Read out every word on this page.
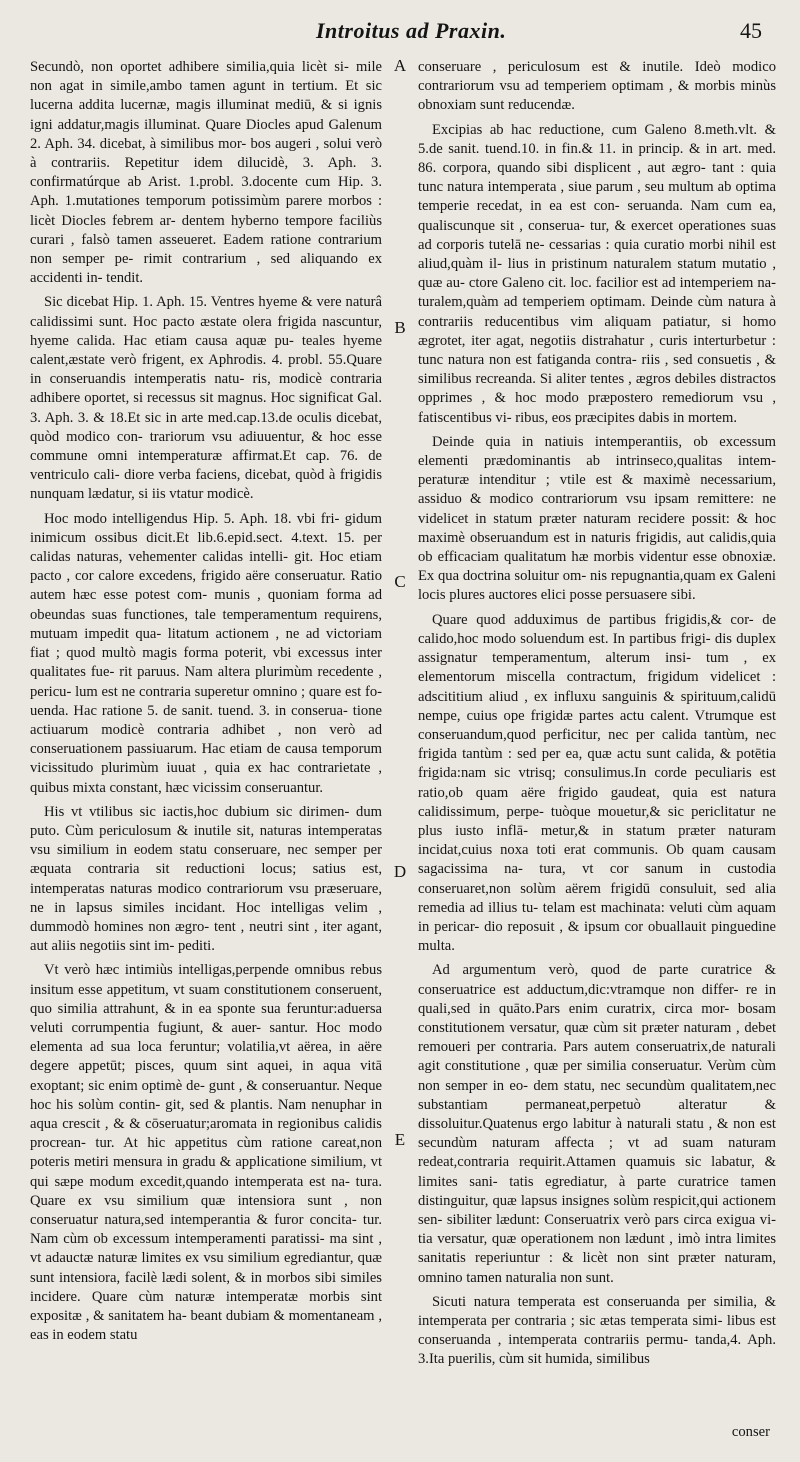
Introitus ad Praxin.	45

Secundò, non oportet adhibere similia,quia licèt si- mile non agat in simile,ambo tamen agunt in tertium. Et sic lucerna addita lucernæ, magis illuminat mediū, & si ignis igni addatur,magis illuminat. Quare Diocles apud Galenum 2. Aph. 34. dicebat, à similibus mor- bos augeri , solui verò à contrariis. Repetitur idem dilucidè, 3. Aph. 3. confirmatúrque ab Arist. 1.probl. 3.docente cum Hip. 3. Aph. 1.mutationes temporum potissimùm parere morbos : licèt Diocles febrem ar- dentem hyberno tempore faciliùs curari , falsò tamen asseueret. Eadem ratione contrarium non semper pe- rimit contrarium , sed aliquando ex accidenti in- tendit.

Sic dicebat Hip. 1. Aph. 15. Ventres hyeme & vere naturâ calidissimi sunt. Hoc pacto æstate olera frigida nascuntur, hyeme calida. Hac etiam causa aquæ pu- teales hyeme calent,æstate verò frigent, ex Aphrodis. 4. probl. 55.Quare in conseruandis intemperatis natu- ris, modicè contraria adhibere oportet, si recessus sit magnus. Hoc significat Gal. 3. Aph. 3. & 18.Et sic in arte med.cap.13.de oculis dicebat, quòd modico con- trariorum vsu adiuuentur, & hoc esse commune omni intemperaturæ affirmat.Et cap. 76. de ventriculo cali- diore verba faciens, dicebat, quòd à frigidis nunquam lædatur, si iis vtatur modicè.

Hoc modo intelligendus Hip. 5. Aph. 18. vbi fri- gidum inimicum ossibus dicit.Et lib.6.epid.sect. 4.text. 15. per calidas naturas, vehementer calidas intelli- git. Hoc etiam pacto , cor calore excedens, frigido aëre conseruatur. Ratio autem hæc esse potest com- munis , quoniam forma ad obeundas suas functiones, tale temperamentum requirens, mutuam impedit qua- litatum actionem , ne ad victoriam fiat ; quod multò magis forma poterit, vbi excessus inter qualitates fue- rit paruus. Nam altera plurimùm recedente , pericu- lum est ne contraria superetur omnino ; quare est fo- uenda. Hac ratione 5. de sanit. tuend. 3. in conserua- tione actiuarum modicè contraria adhibet , non verò ad conseruationem passiuarum. Hac etiam de causa temporum vicissitudo plurimùm iuuat , quia ex hac contrarietate , quibus mixta constant, hæc vicissim conseruantur.

His vt vtilibus sic iactis,hoc dubium sic dirimen- dum puto. Cùm periculosum & inutile sit, naturas intemperatas vsu similium in eodem statu conseruare, nec semper per æquata contraria sit reductioni locus; satius est, intemperatas naturas modico contrariorum vsu præseruare, ne in lapsus similes incidant. Hoc intelligas velim , dummodò homines non ægro- tent , neutri sint , iter agant, aut aliis negotiis sint im- pediti.

Vt verò hæc intimiùs intelligas,perpende omnibus rebus insitum esse appetitum, vt suam constitutionem conseruent, quo similia attrahunt, & in ea sponte sua feruntur:aduersa veluti corrumpentia fugiunt, & auer- santur. Hoc modo elementa ad sua loca feruntur; volatilia,vt aërea, in aëre degere appetūt; pisces, quum sint aquei, in aqua vitā exoptant; sic enim optimè de- gunt , & conseruantur. Neque hoc his solùm contin- git, sed & plantis. Nam nenuphar in aqua crescit , & & cōseruatur;aromata in regionibus calidis procrean- tur. At hic appetitus cùm ratione careat,non poteris metiri mensura in gradu & applicatione similium, vt qui sæpe modum excedit,quando intemperata est na- tura. Quare ex vsu similium quæ intensiora sunt , non conseruatur natura,sed intemperantia & furor concita- tur. Nam cùm ob excessum intemperamenti paratissi- ma sint , vt adauctæ naturæ limites ex vsu similium egrediantur, quæ sunt intensiora, facilè lædi solent, & in morbos sibi similes incidere. Quare cùm naturæ intemperatæ morbis sint expositæ , & sanitatem ha- beant dubiam & momentaneam , eas in eodem statu

A
B
C
D
E

conseruare , periculosum est & inutile. Ideò modico contrariorum vsu ad temperiem optimam , & morbis minùs obnoxiam sunt reducendæ.

Excipias ab hac reductione, cum Galeno 8.meth.vlt. & 5.de sanit. tuend.10. in fin.& 11. in princip. & in art. med. 86. corpora, quando sibi displicent , aut ægro- tant : quia tunc natura intemperata , siue parum , seu multum ab optima temperie recedat, in ea est con- seruanda. Nam cum ea, qualiscunque sit , conserua- tur, & exercet operationes suas ad corporis tutelā ne- cessarias : quia curatio morbi nihil est aliud,quàm il- lius in pristinum naturalem statum mutatio , quæ au- ctore Galeno cit. loc. facilior est ad intemperiem na- turalem,quàm ad temperiem optimam. Deinde cùm natura à contrariis reducentibus vim aliquam patiatur, si homo ægrotet, iter agat, negotiis distrahatur , curis interturbetur : tunc natura non est fatiganda contra- riis , sed consuetis , & similibus recreanda. Si aliter tentes , ægros debiles distractos opprimes , & hoc modo præpostero remediorum vsu , fatiscentibus vi- ribus, eos præcipites dabis in mortem.

Deinde quia in natiuis intemperantiis, ob excessum elementi prædominantis ab intrinseco,qualitas intem- peraturæ intenditur ; vtile est & maximè necessarium, assiduo & modico contrariorum vsu ipsam remittere: ne videlicet in statum præter naturam recidere possit: & hoc maximè obseruandum est in naturis frigidis, aut calidis,quia ob efficaciam qualitatum hæ morbis videntur esse obnoxiæ. Ex qua doctrina soluitur om- nis repugnantia,quam ex Galeni locis plures auctores elici posse persuasere sibi.

Quare quod adduximus de partibus frigidis,& cor- de calido,hoc modo soluendum est. In partibus frigi- dis duplex assignatur temperamentum, alterum insi- tum , ex elementorum miscella contractum, frigidum videlicet : adscititium aliud , ex influxu sanguinis & spirituum,calidū nempe, cuius ope frigidæ partes actu calent. Vtrumque est conseruandum,quod perficitur, nec per calida tantùm, nec frigida tantùm : sed per ea, quæ actu sunt calida, & potētia frigida:nam sic vtrisq; consulimus.In corde peculiaris est ratio,ob quam aëre frigido gaudeat, quia est natura calidissimum, perpe- tuòque mouetur,& sic periclitatur ne plus iusto inflā- metur,& in statum præter naturam incidat,cuius noxa toti erat communis. Ob quam causam sagacissima na- tura, vt cor sanum in custodia conseruaret,non solùm aërem frigidū consuluit, sed alia remedia ad illius tu- telam est machinata: veluti cùm aquam in pericar- dio reposuit , & ipsum cor obuallauit pinguedine multa.

Ad argumentum verò, quod de parte curatrice & conseruatrice est adductum,dic:vtramque non differ- re in quali,sed in quāto.Pars enim curatrix, circa mor- bosam constitutionem versatur, quæ cùm sit præter naturam , debet remoueri per contraria. Pars autem conseruatrix,de naturali agit constitutione , quæ per similia conseruatur. Verùm cùm non semper in eo- dem statu, nec secundùm qualitatem,nec substantiam permaneat,perpetuò alteratur & dissoluitur.Quatenus ergo labitur à naturali statu , & non est secundùm naturam affecta ; vt ad suam naturam redeat,contraria requirit.Attamen quamuis sic labatur, & limites sani- tatis egrediatur, à parte curatrice tamen distinguitur, quæ lapsus insignes solùm respicit,qui actionem sen- sibiliter lædunt: Conseruatrix verò pars circa exigua vi- tia versatur, quæ operationem non lædunt , imò intra limites sanitatis reperiuntur : & licèt non sint præter naturam, omnino tamen naturalia non sunt.

Sicuti natura temperata est conseruanda per similia, & intemperata per contraria ; sic ætas temperata simi- libus est conseruanda , intemperata contrariis permu- tanda,4. Aph. 3.Ita puerilis, cùm sit humida, similibus

conser
